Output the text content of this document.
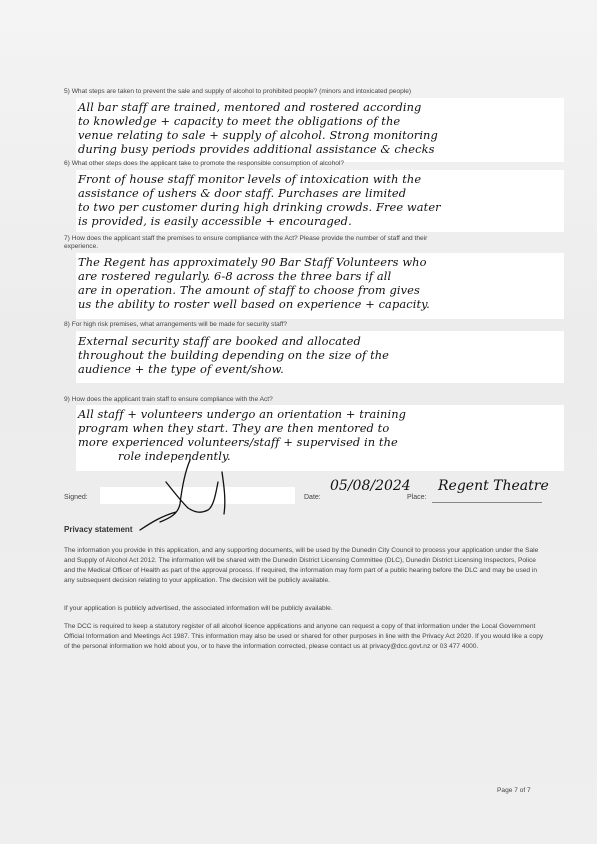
5) What steps are taken to prevent the sale and supply of alcohol to prohibited people? (minors and intoxicated people)
All bar staff are trained, mentored and rostered according
to knowledge + capacity to meet the obligations of the
venue relating to sale + supply of alcohol. Strong monitoring
during busy periods provides additional assistance & checks
6) What other steps does the applicant take to promote the responsible consumption of alcohol?
Front of house staff monitor levels of intoxication with the
assistance of ushers & door staff. Purchases are limited
to two per customer during high drinking crowds. Free water
is provided, is easily accessible + encouraged.
7) How does the applicant staff the premises to ensure compliance with the Act? Please provide the number of staff and their
experience.
The Regent has approximately 90 Bar Staff Volunteers who
are rostered regularly. 6-8 across the three bars if all
are in operation. The amount of staff to choose from gives
us the ability to roster well based on experience + capacity.
8) For high risk premises, what arrangements will be made for security staff?
External security staff are booked and allocated
throughout the building depending on the size of the
audience + the type of event/show.
9) How does the applicant train staff to ensure compliance with the Act?
All staff + volunteers undergo an orientation + training
program when they start. They are then mentored to
more experienced volunteers/staff + supervised in the
role independently.
Signed:	Date:
05/08/2024
Place:
Regent Theatre
Privacy statement
The information you provide in this application, and any supporting documents, will be used by the Dunedin City Council to process your application under the Sale and Supply of Alcohol Act 2012. The information will be shared with the Dunedin District Licensing Committee (DLC), Dunedin District Licensing Inspectors, Police and the Medical Officer of Health as part of the approval process. If required, the information may form part of a public hearing before the DLC and may be used in any subsequent decision relating to your application. The decision will be publicly available.
If your application is publicly advertised, the associated information will be publicly available.
The DCC is required to keep a statutory register of all alcohol licence applications and anyone can request a copy of that information under the Local Government Official Information and Meetings Act 1987. This information may also be used or shared for other purposes in line with the Privacy Act 2020. If you would like a copy of the personal information we hold about you, or to have the information corrected, please contact us at privacy@dcc.govt.nz or 03 477 4000.
Page 7 of 7
